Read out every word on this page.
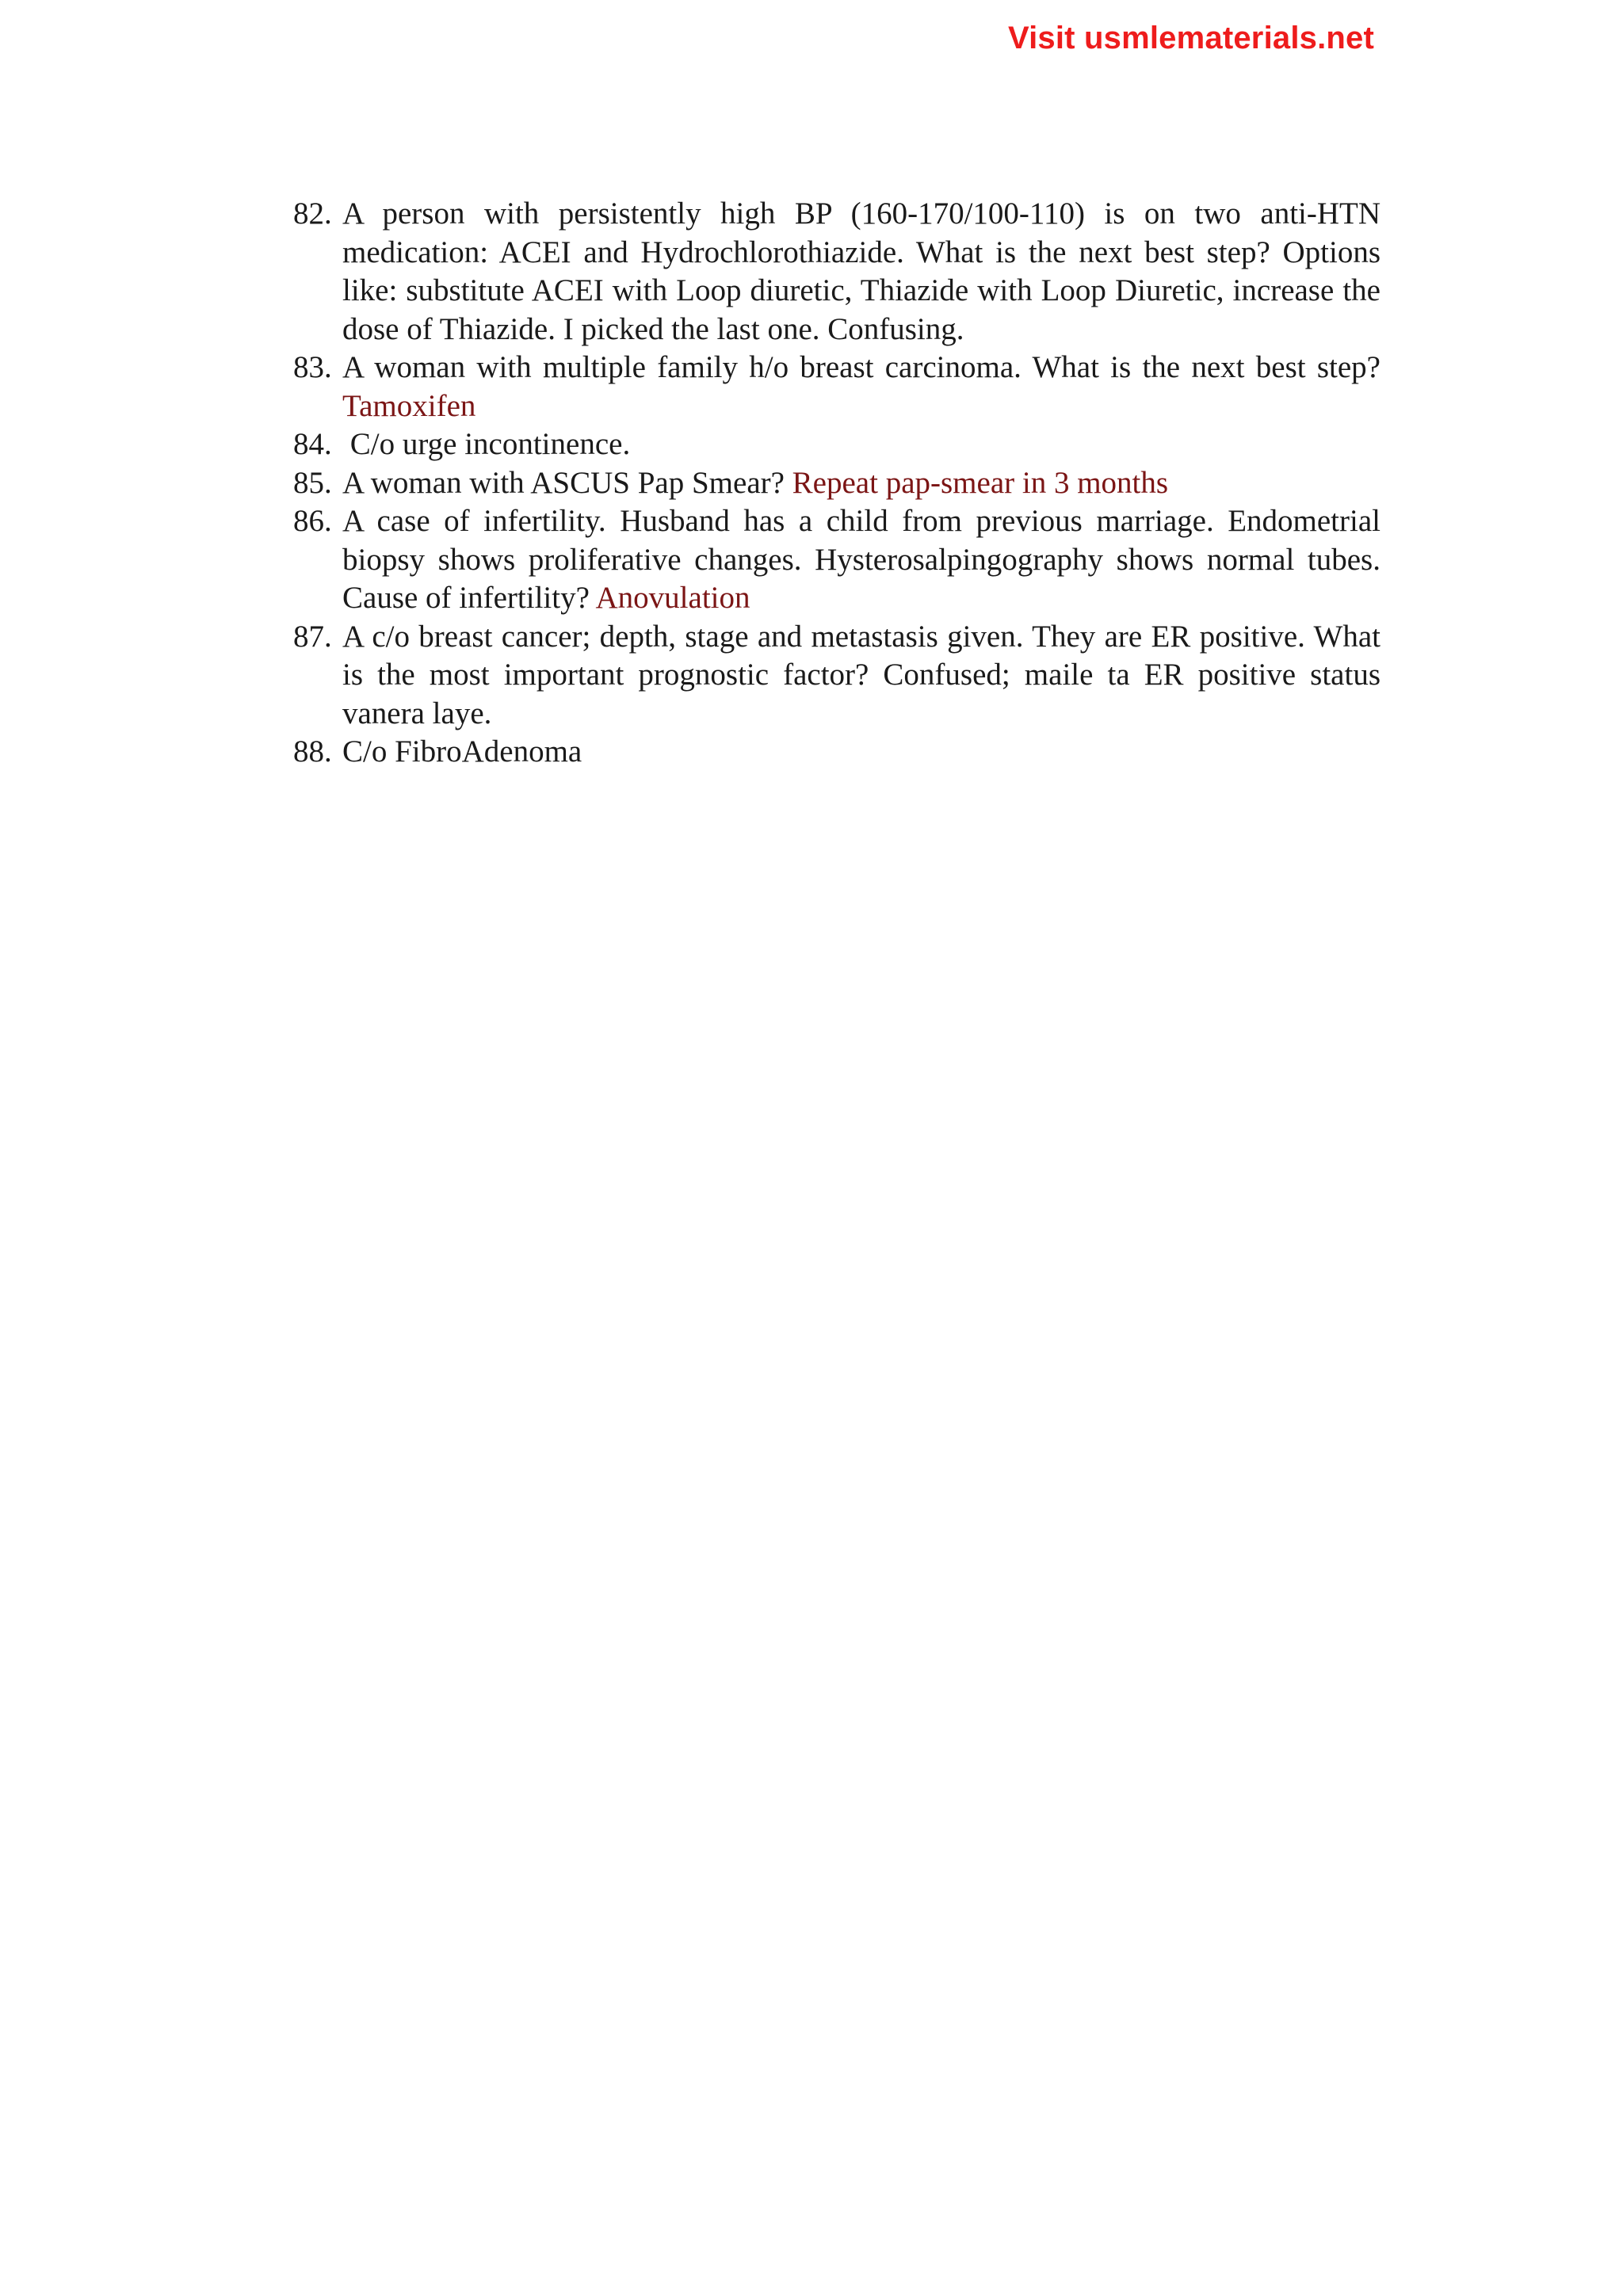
Visit usmlematerials.net
82. A person with persistently high BP (160-170/100-110) is on two anti-HTN medication: ACEI and Hydrochlorothiazide. What is the next best step? Options like: substitute ACEI with Loop diuretic, Thiazide with Loop Diuretic, increase the dose of Thiazide. I picked the last one. Confusing.
83. A woman with multiple family h/o breast carcinoma. What is the next best step? Tamoxifen
84. C/o urge incontinence.
85. A woman with ASCUS Pap Smear? Repeat pap-smear in 3 months
86. A case of infertility. Husband has a child from previous marriage. Endometrial biopsy shows proliferative changes. Hysterosalpingography shows normal tubes. Cause of infertility? Anovulation
87. A c/o breast cancer; depth, stage and metastasis given. They are ER positive. What is the most important prognostic factor? Confused; maile ta ER positive status vanera laye.
88. C/o FibroAdenoma
